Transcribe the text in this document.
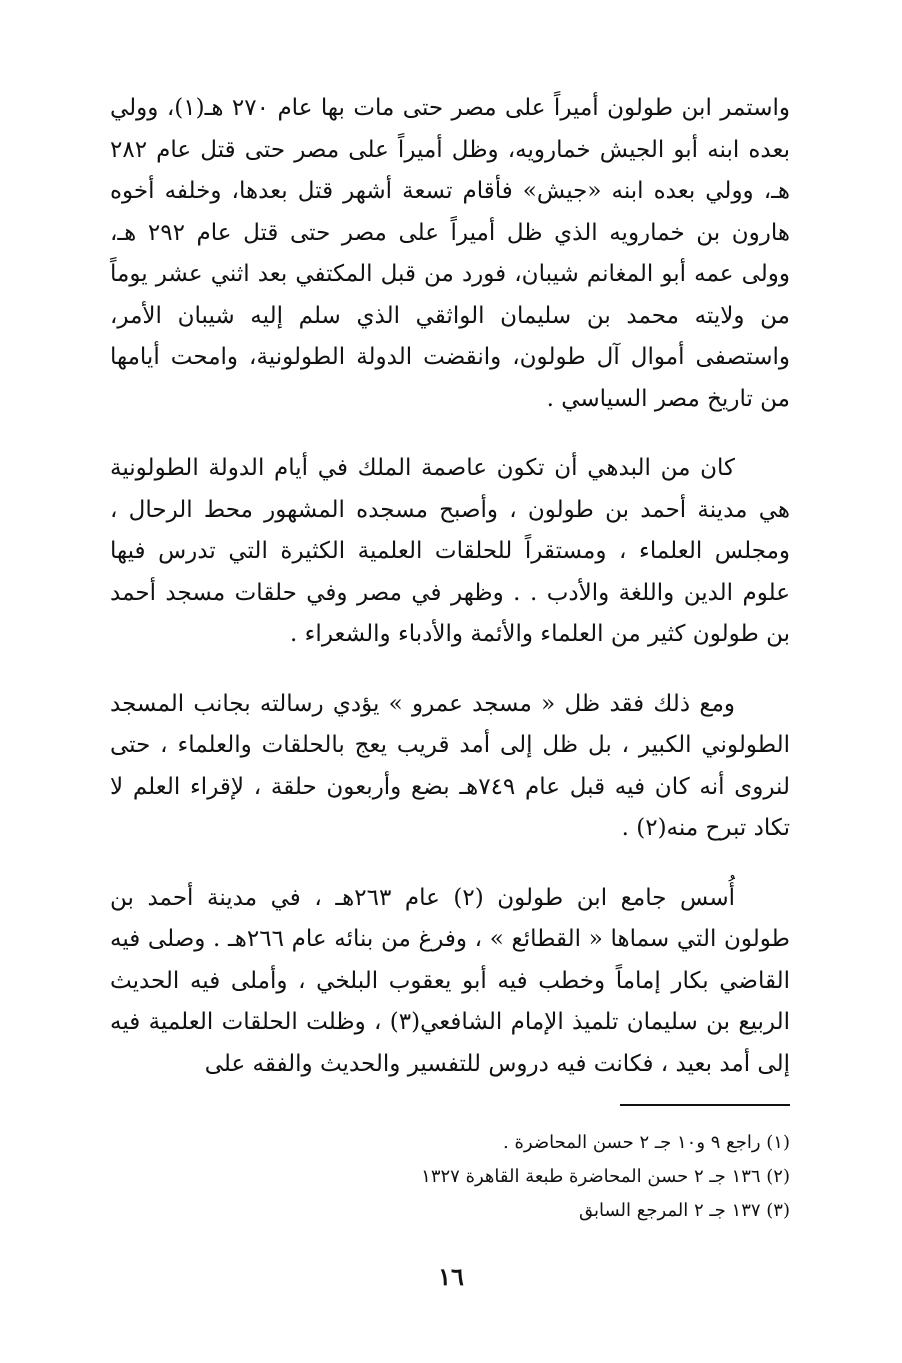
واستمر ابن طولون أميراً على مصر حتى مات بها عام ٢٧٠ هـ(١)، وولي بعده ابنه أبو الجيش خمارويه، وظل أميراً على مصر حتى قتل عام ٢٨٢ هـ، وولي بعده ابنه «جيش» فأقام تسعة أشهر قتل بعدها، وخلفه أخوه هارون بن خمارويه الذي ظل أميراً على مصر حتى قتل عام ٢٩٢ هـ، وولى عمه أبو المغانم شيبان، فورد من قبل المكتفي بعد اثني عشر يوماً من ولايته محمد بن سليمان الواثقي الذي سلم إليه شيبان الأمر، واستصفى أموال آل طولون، وانقضت الدولة الطولونية، وامحت أيامها من تاريخ مصر السياسي .

كان من البدهي أن تكون عاصمة الملك في أيام الدولة الطولونية هي مدينة أحمد بن طولون ، وأصبح مسجده المشهور محط الرحال ، ومجلس العلماء ، ومستقراً للحلقات العلمية الكثيرة التي تدرس فيها علوم الدين واللغة والأدب . . وظهر في مصر وفي حلقات مسجد أحمد بن طولون كثير من العلماء والأئمة والأدباء والشعراء .

ومع ذلك فقد ظل « مسجد عمرو » يؤدي رسالته بجانب المسجد الطولوني الكبير ، بل ظل إلى أمد قريب يعج بالحلقات والعلماء ، حتى لنروى أنه كان فيه قبل عام ٧٤٩هـ بضع وأربعون حلقة ، لإقراء العلم لا تكاد تبرح منه(٢) .

أُسس جامع ابن طولون (٢) عام ٢٦٣هـ ، في مدينة أحمد بن طولون التي سماها « القطائع » ، وفرغ من بنائه عام ٢٦٦هـ . وصلى فيه القاضي بكار إماماً وخطب فيه أبو يعقوب البلخي ، وأملى فيه الحديث الربيع بن سليمان تلميذ الإمام الشافعي(٣) ، وظلت الحلقات العلمية فيه إلى أمد بعيد ، فكانت فيه دروس للتفسير والحديث والفقه على

(١) راجع ٩ و١٠ جـ ٢ حسن المحاضرة .

(٢) ١٣٦ جـ ٢ حسن المحاضرة طبعة القاهرة ١٣٢٧

(٣) ١٣٧ جـ ٢ المرجع السابق

١٦
